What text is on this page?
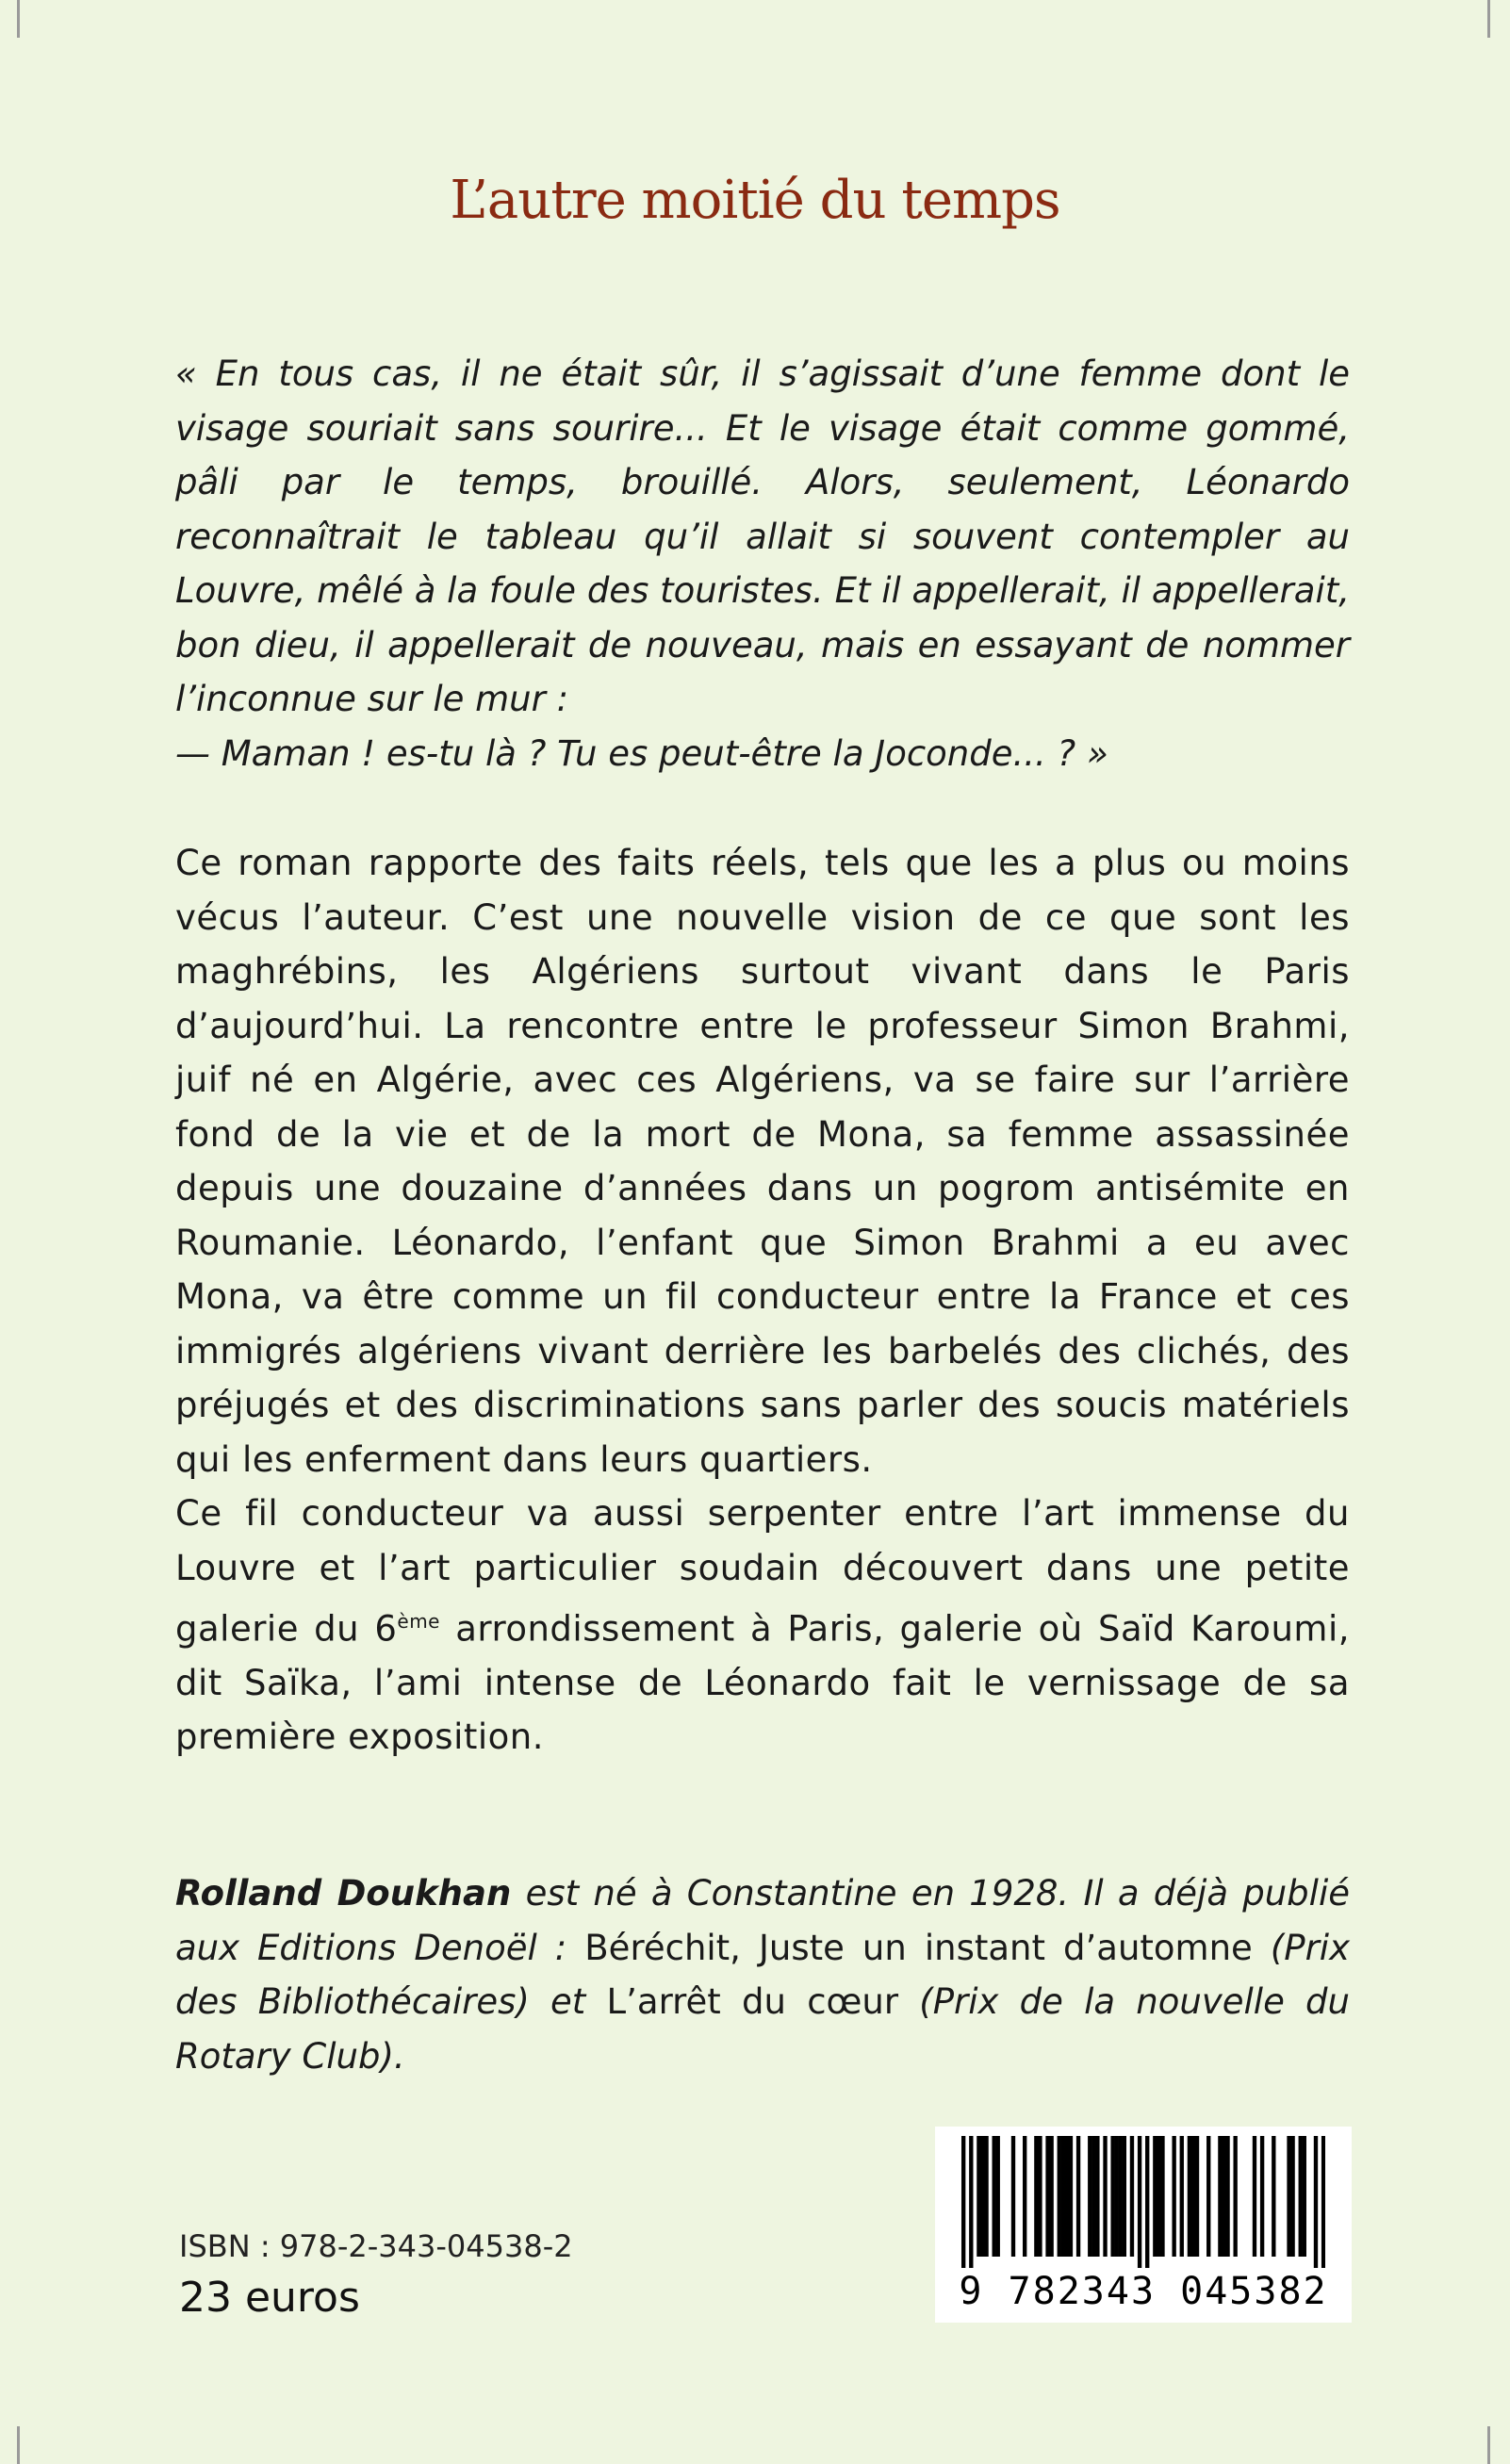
L’autre moitié du temps

« En tous cas, il ne était sûr, il s’agissait d’une femme dont le visage souriait sans sourire... Et le visage était comme gommé, pâli par le temps, brouillé. Alors, seulement, Léonardo reconnaîtrait le tableau qu’il allait si souvent contempler au Louvre, mêlé à la foule des touristes. Et il appellerait, il appellerait, bon dieu, il appellerait de nouveau, mais en essayant de nommer l’inconnue sur le mur :

— Maman ! es-tu là ? Tu es peut-être la Joconde... ? »

Ce roman rapporte des faits réels, tels que les a plus ou moins vécus l’auteur. C’est une nouvelle vision de ce que sont les maghrébins, les Algériens surtout vivant dans le Paris d’aujourd’hui. La rencontre entre le professeur Simon Brahmi, juif né en Algérie, avec ces Algériens, va se faire sur l’arrière fond de la vie et de la mort de Mona, sa femme assassinée depuis une douzaine d’années dans un pogrom antisémite en Roumanie. Léonardo, l’enfant que Simon Brahmi a eu avec Mona, va être comme un fil conducteur entre la France et ces immigrés algériens vivant derrière les barbelés des clichés, des préjugés et des discriminations sans parler des soucis matériels qui les enferment dans leurs quartiers.

Ce fil conducteur va aussi serpenter entre l’art immense du Louvre et l’art particulier soudain découvert dans une petite galerie du 6ème arrondissement à Paris, galerie où Saïd Karoumi, dit Saïka, l’ami intense de Léonardo fait le vernissage de sa première exposition.

Rolland Doukhan est né à Constantine en 1928. Il a déjà publié aux Editions Denoël : Béréchit, Juste un instant d’automne (Prix des Bibliothécaires) et L’arrêt du cœur (Prix de la nouvelle du Rotary Club).

ISBN : 978-2-343-04538-2
23 euros	9 782343 045382
